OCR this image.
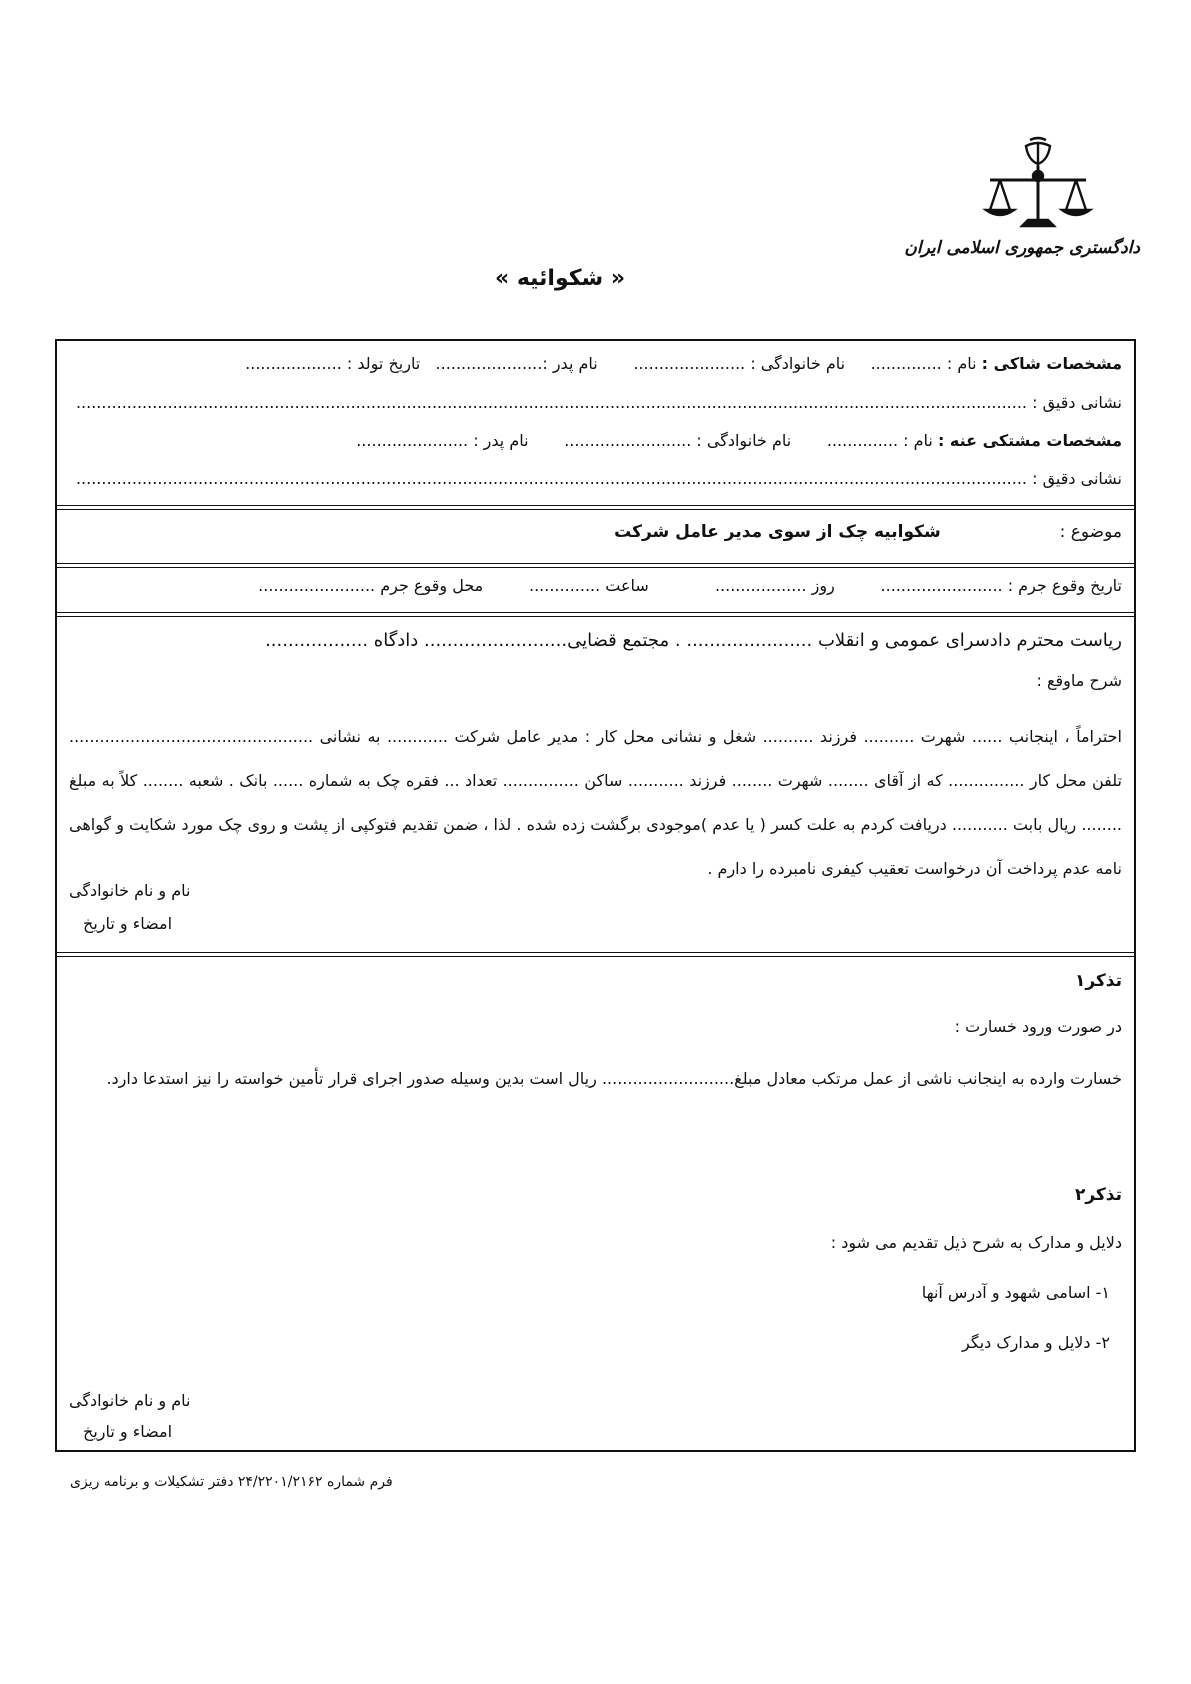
دادگستری جمهوری اسلامی ایران
« شکوائیه »
مشخصات شاکی : نام : ..............     نام خانوادگی : ......................       نام پدر :.....................   تاریخ تولد : ...................
نشانی دقیق : ...........................................................................................................................................................................................
مشخصات مشتکی عنه : نام : ..............       نام خانوادگی : .........................       نام پدر : ......................
نشانی دقیق : ...........................................................................................................................................................................................
موضوع :                      شکوابیه چک از سوی مدیر عامل شرکت
تاریخ وقوع جرم : ........................         روز ..................             ساعت ..............         محل وقوع جرم .......................
ریاست محترم دادسرای عمومی و انقلاب ...................... . مجتمع قضایی......................... دادگاه ..................
شرح ماوقع :

احتراماً ، اینجانب ...... شهرت .......... فرزند .......... شغل و نشانی محل کار : مدیر عامل شرکت ............ به نشانی ................................................ تلفن محل کار ............... که از آقای ........ شهرت ........ فرزند ........... ساکن ............... تعداد ... فقره چک به شماره ...... بانک . شعبه ........ کلاً به مبلغ ........ ریال بابت ........... دریافت کردم به علت کسر ( یا عدم )موجودی برگشت زده شده . لذا ، ضمن تقدیم فتوکپی از پشت و روی چک مورد شکایت و گواهی نامه عدم پرداخت آن درخواست تعقیب کیفری نامبرده را دارم .

نام و نام خانوادگی
امضاء و تاریخ
تذکر۱
در صورت ورود خسارت :

خسارت وارده به اینجانب ناشی از عمل مرتکب معادل مبلغ.......................... ریال است بدین وسیله صدور اجرای قرار تأمین خواسته را نیز استدعا دارد.

تذکر۲
دلایل و مدارک به شرح ذیل تقدیم می شود :
۱- اسامی شهود و آدرس آنها
۲- دلایل و مدارک دیگر
نام و نام خانوادگی
امضاء و تاریخ
فرم شماره ۲۴/۲۲۰۱/۲۱۶۲ دفتر تشکیلات و برنامه ریزی
